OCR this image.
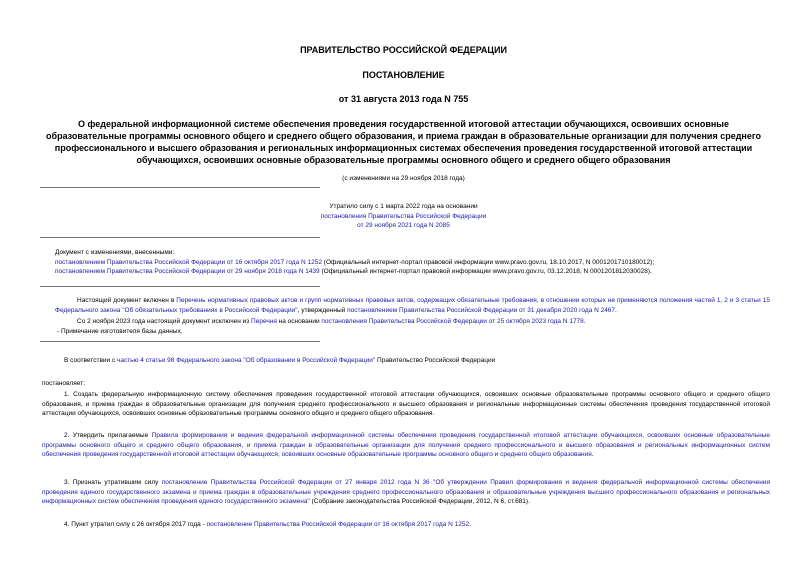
ПРАВИТЕЛЬСТВО РОССИЙСКОЙ ФЕДЕРАЦИИ
ПОСТАНОВЛЕНИЕ
от 31 августа 2013 года N 755
О федеральной информационной системе обеспечения проведения государственной итоговой аттестации обучающихся, освоивших основные образовательные программы основного общего и среднего общего образования, и приема граждан в образовательные организации для получения среднего профессионального и высшего образования и региональных информационных системах обеспечения проведения государственной итоговой аттестации обучающихся, освоивших основные образовательные программы основного общего и среднего общего образования
(с изменениями на 29 ноября 2018 года)
Утратило силу с 1 марта 2022 года на основании
постановления Правительства Российской Федерации
от 29 ноября 2021 года N 2085
Документ с изменениями, внесенными:
постановлением Правительства Российской Федерации от 16 октября 2017 года N 1252 (Официальный интернет-портал правовой информации www.pravo.gov.ru, 18.10.2017, N 0001201710180012);
постановлением Правительства Российской Федерации от 29 ноября 2018 года N 1439 (Официальный интернет-портал правовой информации www.pravo.gov.ru, 03.12.2018, N 0001201812030028).
Настоящий документ включен в Перечень нормативных правовых актов и групп нормативных правовых актов, содержащих обязательные требования, в отношении которых не применяются положения частей 1, 2 и 3 статьи 15 Федерального закона "Об обязательных требованиях в Российской Федерации", утвержденный постановлением Правительства Российской Федерации от 31 декабря 2020 года N 2467.
Со 2 ноября 2023 года настоящий документ исключен из Перечня на основании постановления Правительства Российской Федерации от 25 октября 2023 года N 1778.
- Примечание изготовителя базы данных.
В соответствии с частью 4 статьи 98 Федерального закона "Об образовании в Российской Федерации" Правительство Российской Федерации
постановляет:
1. Создать федеральную информационную систему обеспечения проведения государственной итоговой аттестации обучающихся, освоивших основные образовательные программы основного общего и среднего общего образования, и приема граждан в образовательные организации для получения среднего профессионального и высшего образования и региональные информационные системы обеспечения проведения государственной итоговой аттестации обучающихся, освоивших основные образовательные программы основного общего и среднего общего образования.
2. Утвердить прилагаемые Правила формирования и ведения федеральной информационной системы обеспечения проведения государственной итоговой аттестации обучающихся, освоивших основные образовательные программы основного общего и среднего общего образования, и приема граждан в образовательные организации для получения среднего профессионального и высшего образования и региональных информационных систем обеспечения проведения государственной итоговой аттестации обучающихся, освоивших основные образовательные программы основного общего и среднего общего образования.
3. Признать утратившим силу постановление Правительства Российской Федерации от 27 января 2012 года N 36 "Об утверждении Правил формирования и ведения федеральной информационной системы обеспечения проведения единого государственного экзамена и приема граждан в образовательные учреждения среднего профессионального образования и образовательные учреждения высшего профессионального образования и региональных информационных систем обеспечения проведения единого государственного экзамена" (Собрание законодательства Российской Федерации, 2012, N 6, ст.681).
4. Пункт утратил силу с 26 октября 2017 года - постановление Правительства Российской Федерации от 16 октября 2017 года N 1252.
